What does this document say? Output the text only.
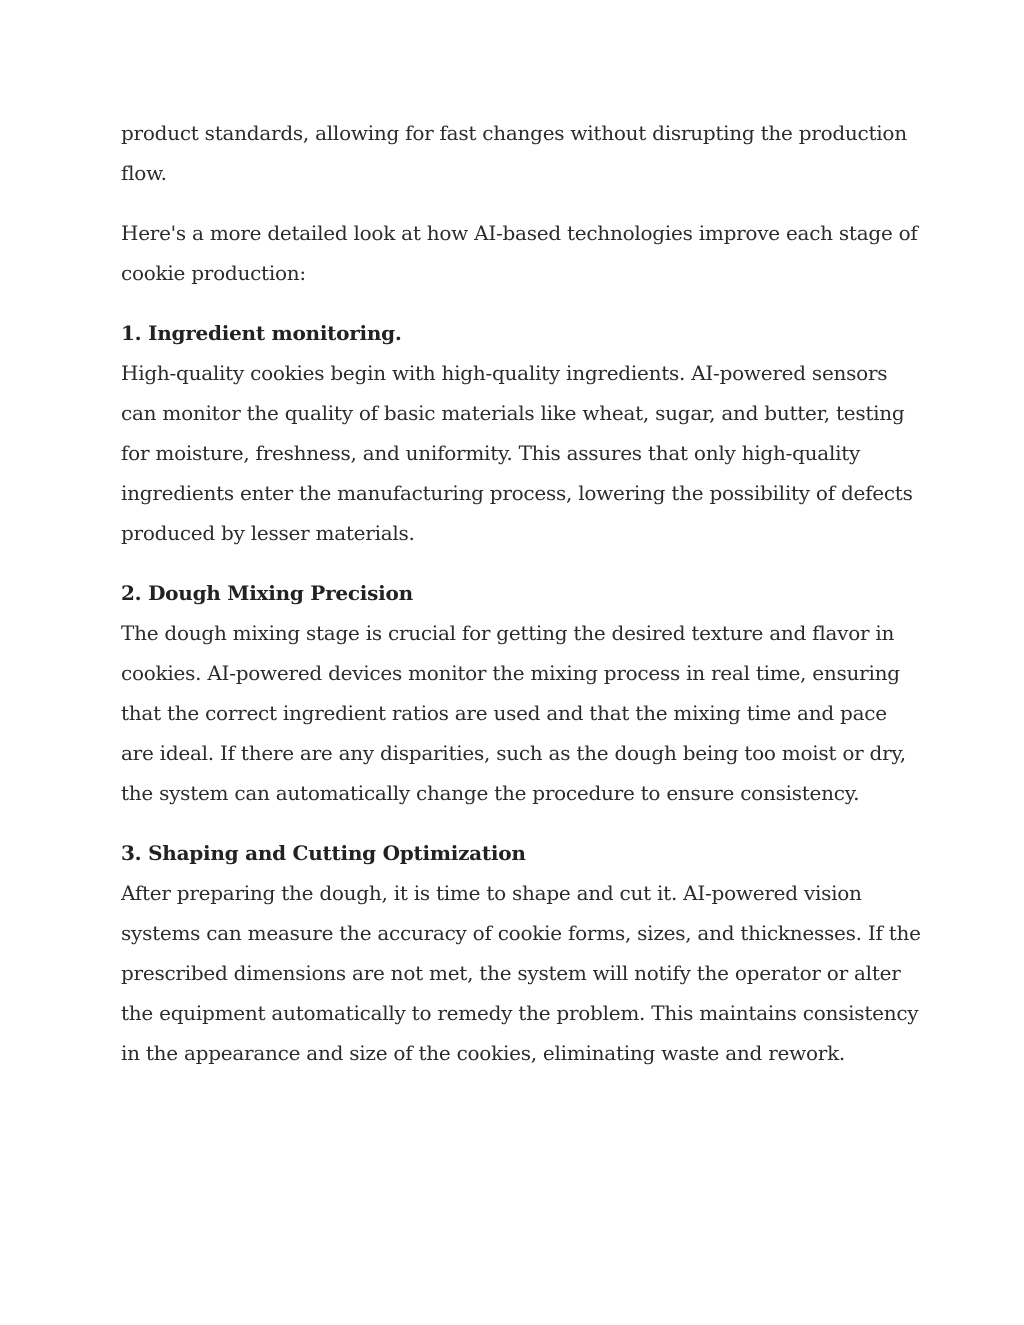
product standards, allowing for fast changes without disrupting the production flow.

Here's a more detailed look at how AI-based technologies improve each stage of cookie production:

1. Ingredient monitoring.

High-quality cookies begin with high-quality ingredients. AI-powered sensors can monitor the quality of basic materials like wheat, sugar, and butter, testing for moisture, freshness, and uniformity. This assures that only high-quality ingredients enter the manufacturing process, lowering the possibility of defects produced by lesser materials.

2. Dough Mixing Precision

The dough mixing stage is crucial for getting the desired texture and flavor in cookies. AI-powered devices monitor the mixing process in real time, ensuring that the correct ingredient ratios are used and that the mixing time and pace are ideal. If there are any disparities, such as the dough being too moist or dry, the system can automatically change the procedure to ensure consistency.

3. Shaping and Cutting Optimization

After preparing the dough, it is time to shape and cut it. AI-powered vision systems can measure the accuracy of cookie forms, sizes, and thicknesses. If the prescribed dimensions are not met, the system will notify the operator or alter the equipment automatically to remedy the problem. This maintains consistency in the appearance and size of the cookies, eliminating waste and rework.
